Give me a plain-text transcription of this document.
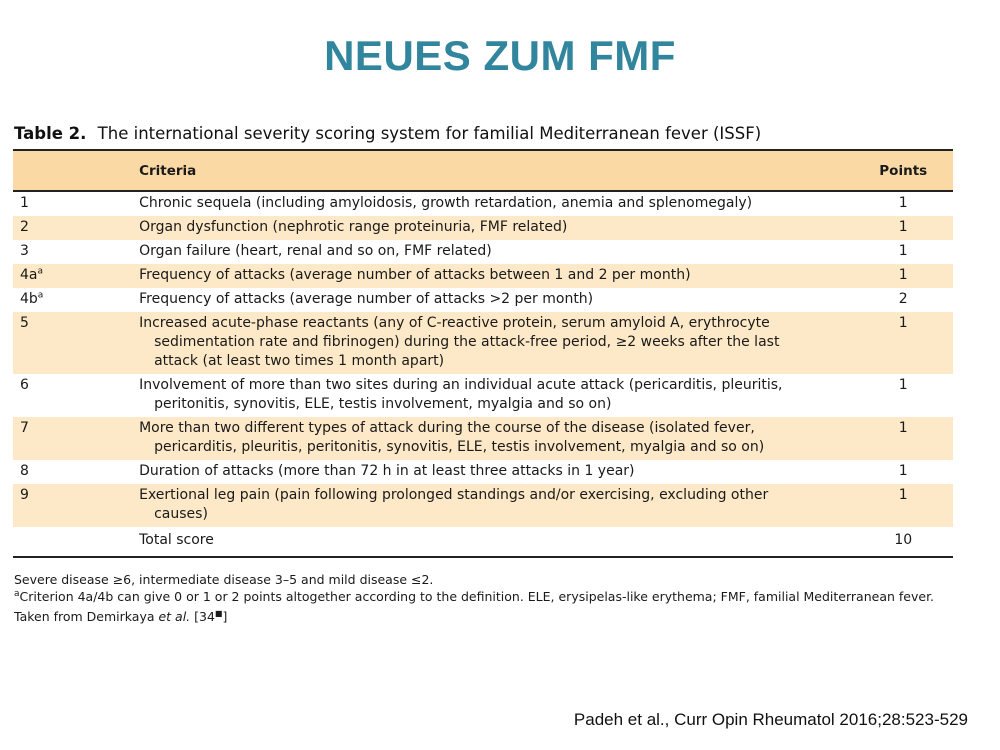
NEUES ZUM FMF
Table 2. The international severity scoring system for familial Mediterranean fever (ISSF)
	Criteria	Points
1	Chronic sequela (including amyloidosis, growth retardation, anemia and splenomegaly)	1
2	Organ dysfunction (nephrotic range proteinuria, FMF related)	1
3	Organ failure (heart, renal and so on, FMF related)	1
$4a^a$	Frequency of attacks (average number of attacks between 1 and 2 per month)	1
$4b^a$	Frequency of attacks (average number of attacks >2 per month)	2
5	Increased acute-phase reactants (any of C-reactive protein, serum amyloid A, erythrocyte
sedimentation rate and fibrinogen) during the attack-free period, ≥2 weeks after the last
attack (at least two times 1 month apart)	1
6	Involvement of more than two sites during an individual acute attack (pericarditis, pleuritis,
peritonitis, synovitis, ELE, testis involvement, myalgia and so on)	1
7	More than two different types of attack during the course of the disease (isolated fever,
pericarditis, pleuritis, peritonitis, synovitis, ELE, testis involvement, myalgia and so on)	1
8	Duration of attacks (more than 72 h in at least three attacks in 1 year)	1
9	Exertional leg pain (pain following prolonged standings and/or exercising, excluding other
causes)	1
	Total score	10
Severe disease ≥6, intermediate disease 3–5 and mild disease ≤2.
$^a$Criterion 4a/4b can give 0 or 1 or 2 points altogether according to the definition. ELE, erysipelas-like erythema; FMF, familial Mediterranean fever.
Taken from Demirkaya et al. [34■]
Padeh et al., Curr Opin Rheumatol 2016;28:523-529
